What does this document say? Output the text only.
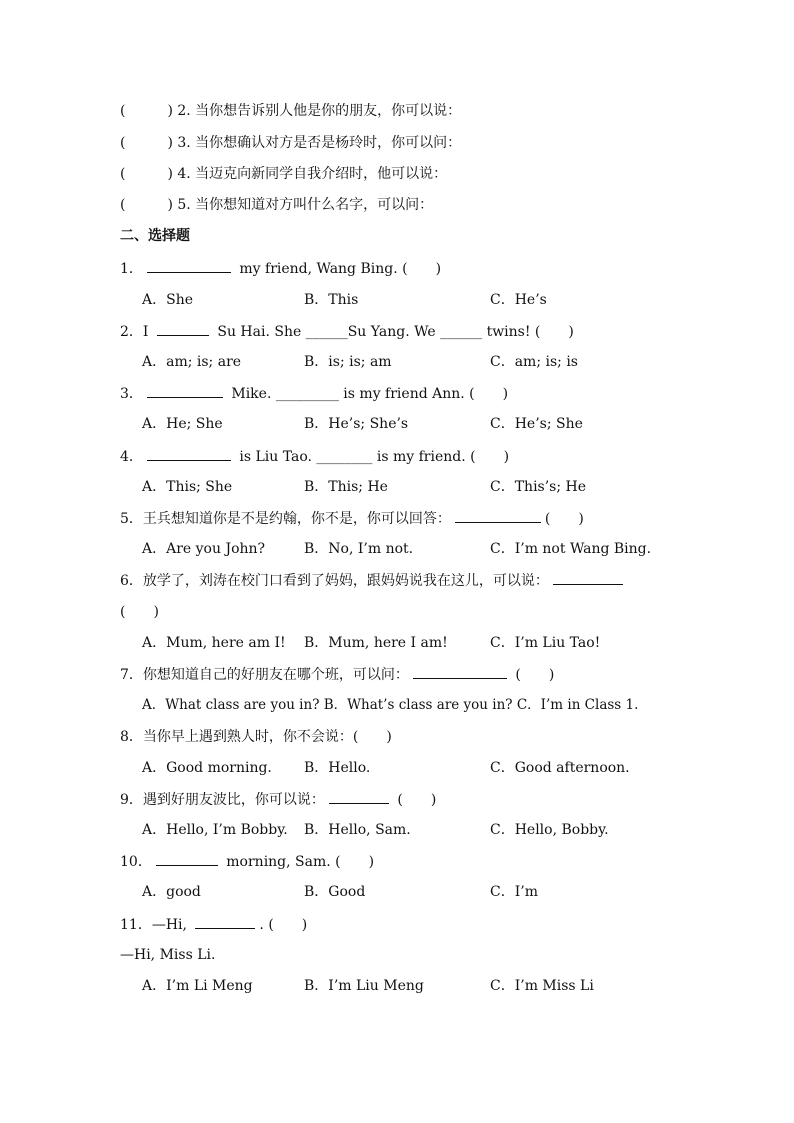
(　　　) 2. 当你想告诉别人他是你的朋友，你可以说：
(　　　) 3. 当你想确认对方是否是杨玲时，你可以问：
(　　　) 4. 当迈克向新同学自我介绍时，他可以说：
(　　　) 5. 当你想知道对方叫什么名字，可以问：
二、选择题
1．	my friend, Wang Bing. (　　)
A．She	B．This	C．He’s
2．I	Su Hai. She ______Su Yang. We ______ twins! (　　)
A．am; is; are	B．is; is; am	C．am; is; is
3．	Mike. _________ is my friend Ann. (　　)
A．He; She	B．He’s; She’s	C．He’s; She
4．	is Liu Tao. ________ is my friend. (　　)
A．This; She	B．This; He	C．This’s; He
5．王兵想知道你是不是约翰，你不是，你可以回答：	(　　)
A．Are you John?	B．No, I’m not.	C．I’m not Wang Bing.
6．放学了，刘涛在校门口看到了妈妈，跟妈妈说我在这儿，可以说：
(　　)
A．Mum, here am I! B．Mum, here I am!	C．I’m Liu Tao!
7．你想知道自己的好朋友在哪个班，可以问：	(　　)
A．What class are you in? B．What’s class are you in? C．I’m in Class 1.
8．当你早上遇到熟人时，你不会说：(　　)
A．Good morning. B．Hello.	C．Good afternoon.
9．遇到好朋友波比，你可以说：	(　　)
A．Hello, I’m Bobby. B．Hello, Sam.	C．Hello, Bobby.
10．	morning, Sam. (　　)
A．good	B．Good	C．I’m
11．—Hi,	. (　　)
—Hi, Miss Li.
A．I’m Li Meng	B．I’m Liu Meng	C．I’m Miss Li
